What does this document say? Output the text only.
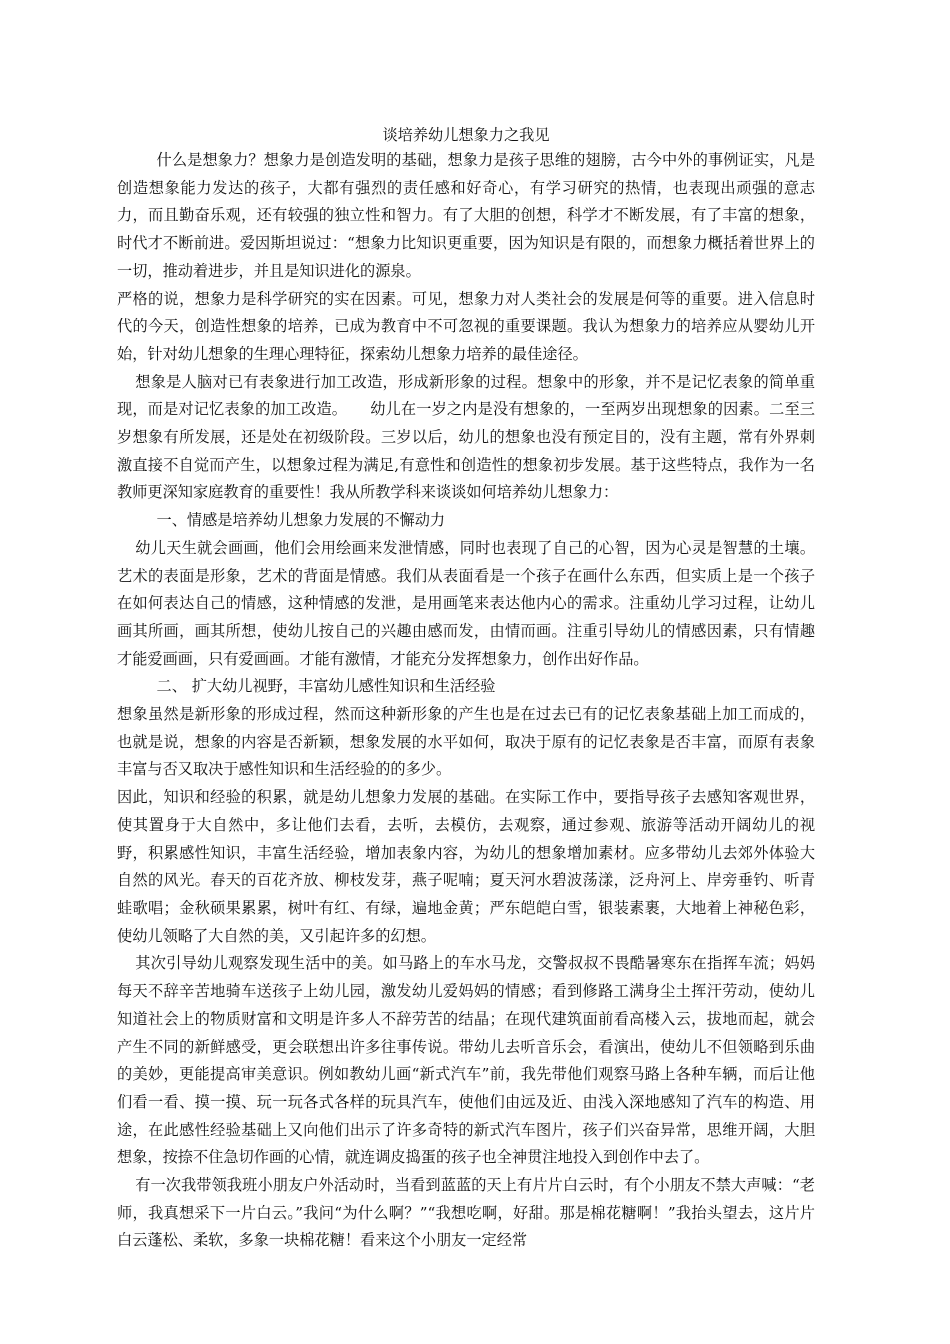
谈培养幼儿想象力之我见

什么是想象力？想象力是创造发明的基础，想象力是孩子思维的翅膀，古今中外的事例证实，凡是创造想象能力发达的孩子，大都有强烈的责任感和好奇心，有学习研究的热情，也表现出顽强的意志力，而且勤奋乐观，还有较强的独立性和智力。有了大胆的创想，科学才不断发展，有了丰富的想象，时代才不断前进。爱因斯坦说过：“想象力比知识更重要，因为知识是有限的，而想象力概括着世界上的一切，推动着进步，并且是知识进化的源泉。

严格的说，想象力是科学研究的实在因素。可见，想象力对人类社会的发展是何等的重要。进入信息时代的今天，创造性想象的培养，已成为教育中不可忽视的重要课题。我认为想象力的培养应从婴幼儿开始，针对幼儿想象的生理心理特征，探索幼儿想象力培养的最佳途径。

想象是人脑对已有表象进行加工改造，形成新形象的过程。想象中的形象，并不是记忆表象的简单重现，而是对记忆表象的加工改造。　　幼儿在一岁之内是没有想象的，一至两岁出现想象的因素。二至三岁想象有所发展，还是处在初级阶段。三岁以后，幼儿的想象也没有预定目的，没有主题，常有外界刺激直接不自觉而产生，以想象过程为满足,有意性和创造性的想象初步发展。基于这些特点，我作为一名教师更深知家庭教育的重要性！我从所教学科来谈谈如何培养幼儿想象力：

一、情感是培养幼儿想象力发展的不懈动力

幼儿天生就会画画，他们会用绘画来发泄情感，同时也表现了自己的心智，因为心灵是智慧的土壤。艺术的表面是形象，艺术的背面是情感。我们从表面看是一个孩子在画什么东西，但实质上是一个孩子在如何表达自己的情感，这种情感的发泄，是用画笔来表达他内心的需求。注重幼儿学习过程，让幼儿画其所画，画其所想，使幼儿按自己的兴趣由感而发，由情而画。注重引导幼儿的情感因素，只有情趣才能爱画画，只有爱画画。才能有激情，才能充分发挥想象力，创作出好作品。

二、 扩大幼儿视野，丰富幼儿感性知识和生活经验

想象虽然是新形象的形成过程，然而这种新形象的产生也是在过去已有的记忆表象基础上加工而成的，也就是说，想象的内容是否新颖，想象发展的水平如何，取决于原有的记忆表象是否丰富，而原有表象丰富与否又取决于感性知识和生活经验的的多少。

因此，知识和经验的积累，就是幼儿想象力发展的基础。在实际工作中，要指导孩子去感知客观世界，使其置身于大自然中，多让他们去看，去听，去模仿，去观察，通过参观、旅游等活动开阔幼儿的视野，积累感性知识，丰富生活经验，增加表象内容，为幼儿的想象增加素材。应多带幼儿去郊外体验大自然的风光。春天的百花齐放、柳枝发芽，燕子呢喃；夏天河水碧波荡漾，泛舟河上、岸旁垂钓、听青蛙歌唱；金秋硕果累累，树叶有红、有绿，遍地金黄；严东皑皑白雪，银装素裹，大地着上神秘色彩，使幼儿领略了大自然的美，又引起许多的幻想。

其次引导幼儿观察发现生活中的美。如马路上的车水马龙，交警叔叔不畏酷暑寒东在指挥车流；妈妈每天不辞辛苦地骑车送孩子上幼儿园，激发幼儿爱妈妈的情感；看到修路工满身尘土挥汗劳动，使幼儿知道社会上的物质财富和文明是许多人不辞劳苦的结晶；在现代建筑面前看高楼入云，拔地而起，就会产生不同的新鲜感受，更会联想出许多往事传说。带幼儿去听音乐会，看演出，使幼儿不但领略到乐曲的美妙，更能提高审美意识。例如教幼儿画“新式汽车”前，我先带他们观察马路上各种车辆，而后让他们看一看、摸一摸、玩一玩各式各样的玩具汽车，使他们由远及近、由浅入深地感知了汽车的构造、用途，在此感性经验基础上又向他们出示了许多奇特的新式汽车图片，孩子们兴奋异常，思维开阔，大胆想象，按捺不住急切作画的心情，就连调皮捣蛋的孩子也全神贯注地投入到创作中去了。

有一次我带领我班小朋友户外活动时，当看到蓝蓝的天上有片片白云时，有个小朋友不禁大声喊：“老师，我真想采下一片白云。”我问“为什么啊？”“我想吃啊，好甜。那是棉花糖啊！”我抬头望去，这片片白云蓬松、柔软，多象一块棉花糖！看来这个小朋友一定经常
